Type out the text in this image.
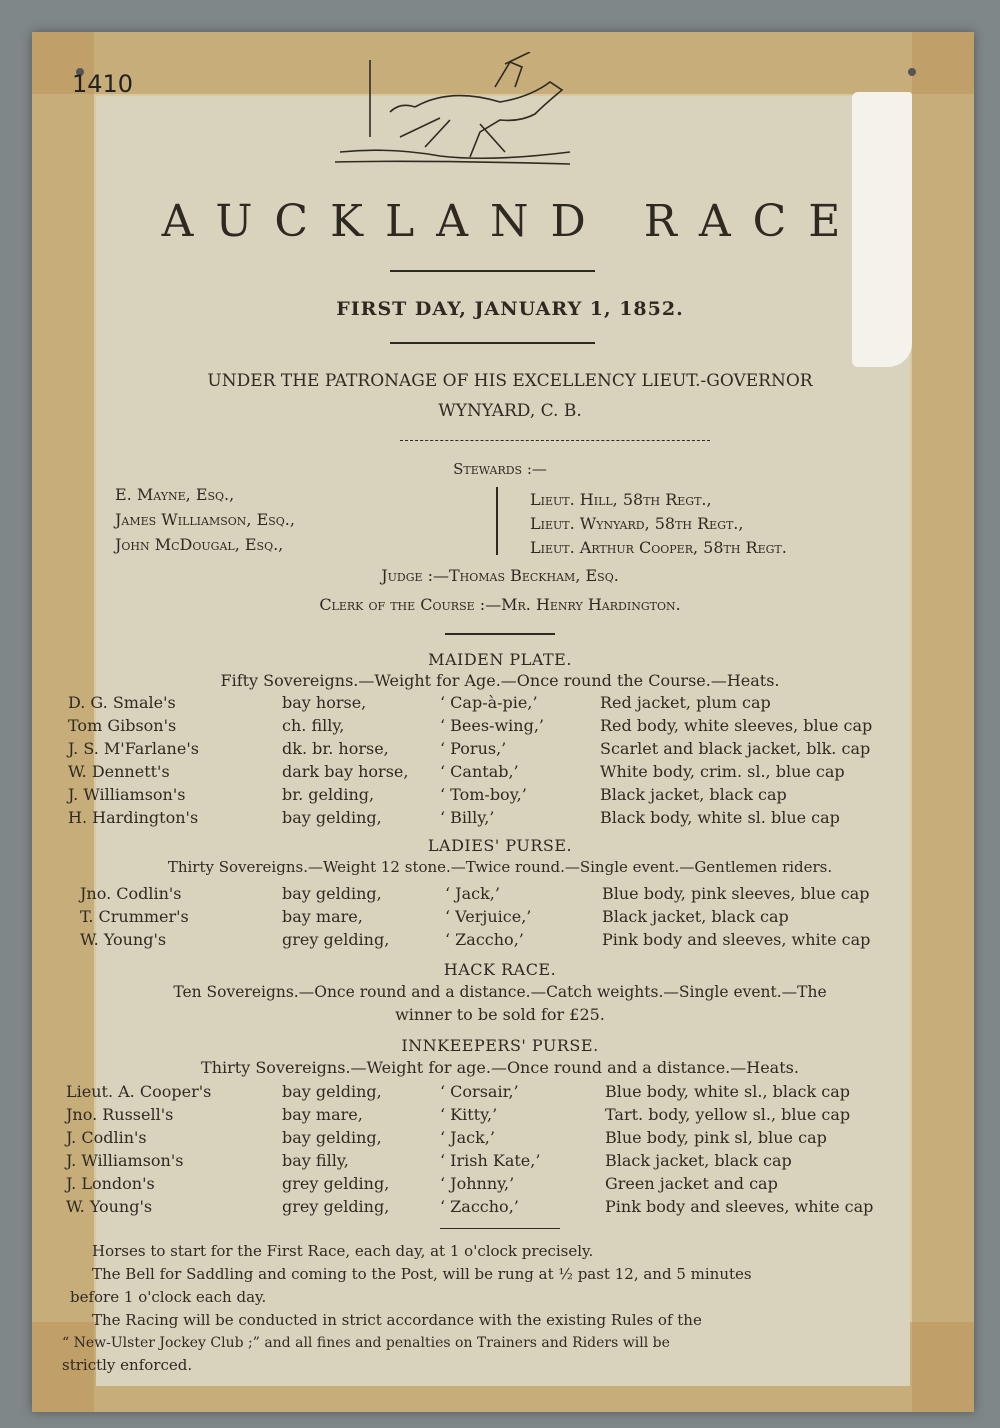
1410

AUCKLAND RACE

FIRST DAY, JANUARY 1, 1852.

UNDER THE PATRONAGE OF HIS EXCELLENCY LIEUT.-GOVERNOR

WYNYARD, C. B.

Stewards :—

E. Mayne, Esq.,

James Williamson, Esq.,

John McDougal, Esq.,

Lieut. Hill, 58th Regt.,

Lieut. Wynyard, 58th Regt.,

Lieut. Arthur Cooper, 58th Regt.

Judge :—Thomas Beckham, Esq.

Clerk of the Course :—Mr. Henry Hardington.

MAIDEN PLATE.

Fifty Sovereigns.—Weight for Age.—Once round the Course.—Heats.

D. G. Smale's	bay horse,	‘ Cap-à-pie,’	Red jacket, plum cap

Tom Gibson's	ch. filly,	‘ Bees-wing,’	Red body, white sleeves, blue cap

J. S. M'Farlane's	dk. br. horse,	‘ Porus,’	Scarlet and black jacket, blk. cap

W. Dennett's	dark bay horse, ‘ Cantab,’	White body, crim. sl., blue cap

J. Williamson's	br. gelding,	‘ Tom-boy,’	Black jacket, black cap

H. Hardington's	bay gelding,	‘ Billy,’	Black body, white sl. blue cap

LADIES' PURSE.

Thirty Sovereigns.—Weight 12 stone.—Twice round.—Single event.—Gentlemen riders.

Jno. Codlin's	bay gelding,	‘ Jack,’	Blue body, pink sleeves, blue cap

T. Crummer's	bay mare,	‘ Verjuice,’	Black jacket, black cap

W. Young's	grey gelding,	‘ Zaccho,’	Pink body and sleeves, white cap

HACK RACE.

Ten Sovereigns.—Once round and a distance.—Catch weights.—Single event.—The

winner to be sold for £25.

INNKEEPERS' PURSE.

Thirty Sovereigns.—Weight for age.—Once round and a distance.—Heats.

Lieut. A. Cooper's	bay gelding,	‘ Corsair,’	Blue body, white sl., black cap

Jno. Russell's	bay mare,	‘ Kitty,’	Tart. body, yellow sl., blue cap

J. Codlin's	bay gelding,	‘ Jack,’	Blue body, pink sl, blue cap

J. Williamson's	bay filly,	‘ Irish Kate,’	Black jacket, black cap

J. London's	grey gelding,	‘ Johnny,’	Green jacket and cap

W. Young's	grey gelding,	‘ Zaccho,’	Pink body and sleeves, white cap

Horses to start for the First Race, each day, at 1 o'clock precisely.

The Bell for Saddling and coming to the Post, will be rung at ½ past 12, and 5 minutes

before 1 o'clock each day.

The Racing will be conducted in strict accordance with the existing Rules of the

“ New-Ulster Jockey Club ;” and all fines and penalties on Trainers and Riders will be

strictly enforced.
